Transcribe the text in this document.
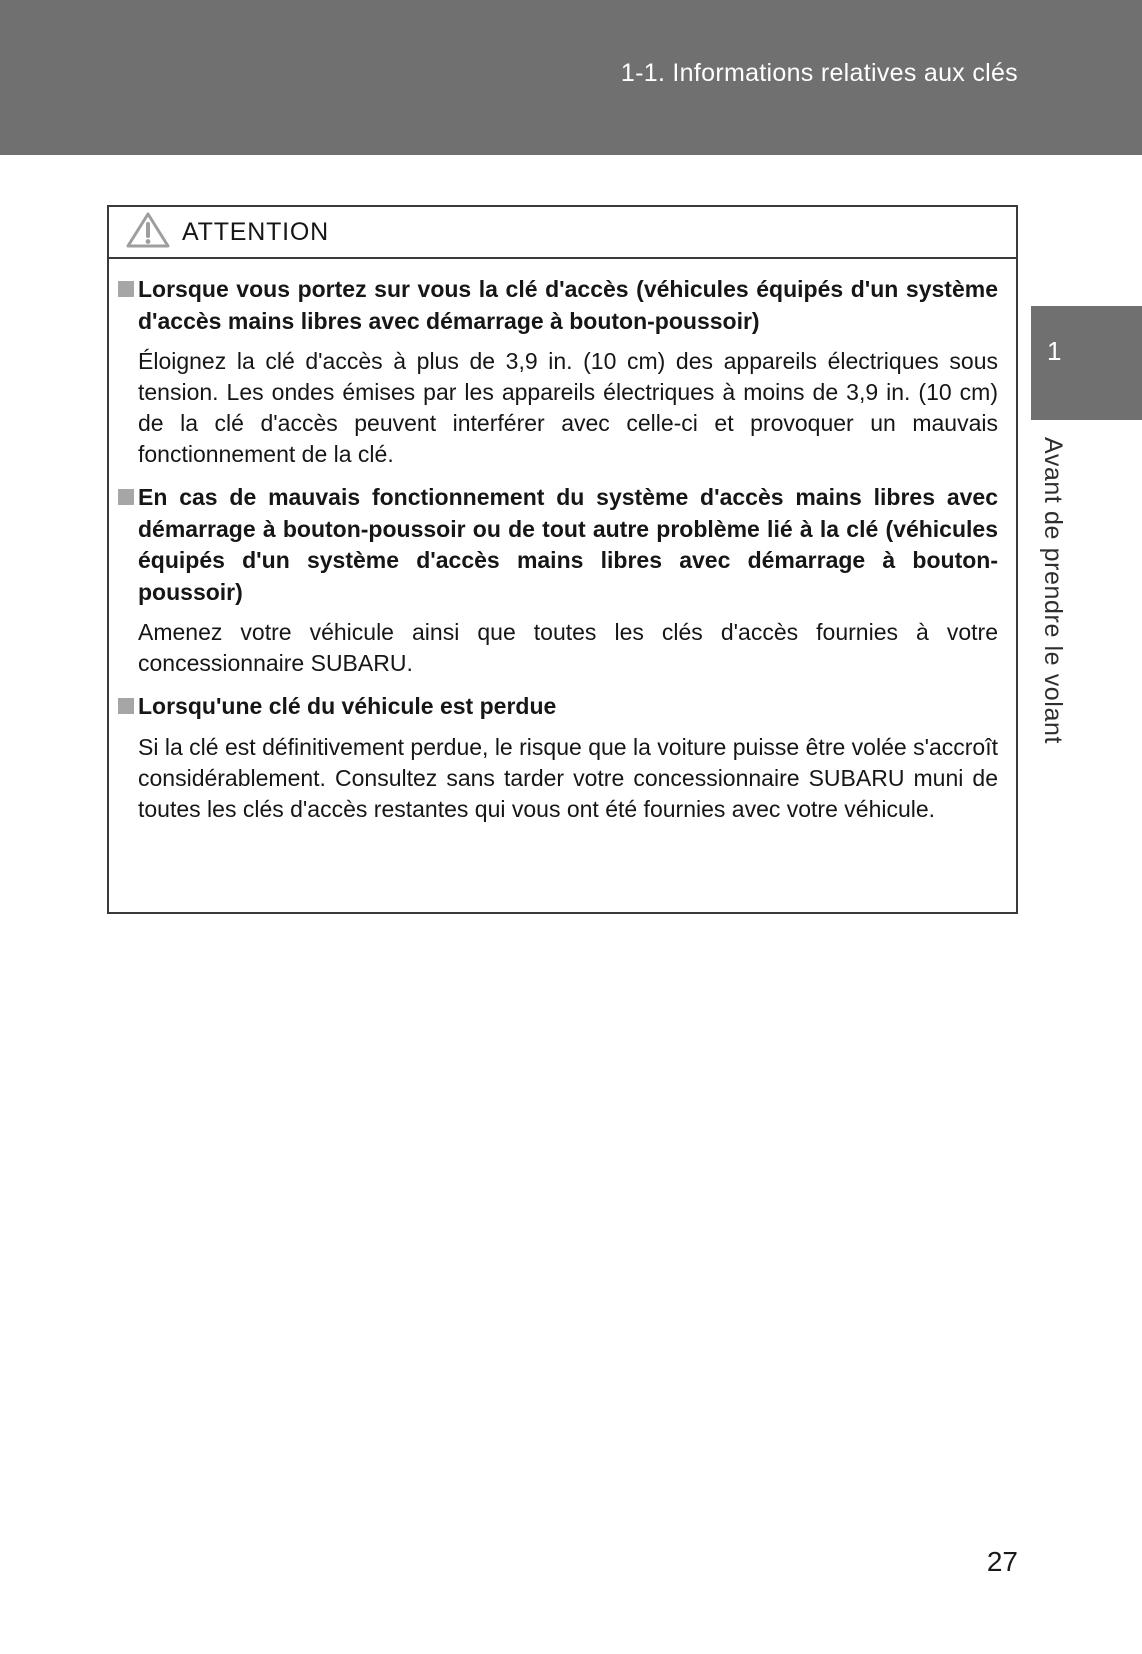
1-1. Informations relatives aux clés
ATTENTION
Lorsque vous portez sur vous la clé d'accès (véhicules équipés d'un système d'accès mains libres avec démarrage à bouton-poussoir)

Éloignez la clé d'accès à plus de 3,9 in. (10 cm) des appareils électriques sous tension. Les ondes émises par les appareils électriques à moins de 3,9 in. (10 cm) de la clé d'accès peuvent interférer avec celle-ci et provoquer un mauvais fonctionnement de la clé.

En cas de mauvais fonctionnement du système d'accès mains libres avec démarrage à bouton-poussoir ou de tout autre problème lié à la clé (véhicules équipés d'un système d'accès mains libres avec démarrage à bouton-poussoir)

Amenez votre véhicule ainsi que toutes les clés d'accès fournies à votre concessionnaire SUBARU.

Lorsqu'une clé du véhicule est perdue

Si la clé est définitivement perdue, le risque que la voiture puisse être volée s'accroît considérablement. Consultez sans tarder votre concessionnaire SUBARU muni de toutes les clés d'accès restantes qui vous ont été fournies avec votre véhicule.

1
Avant de prendre le volant
27
